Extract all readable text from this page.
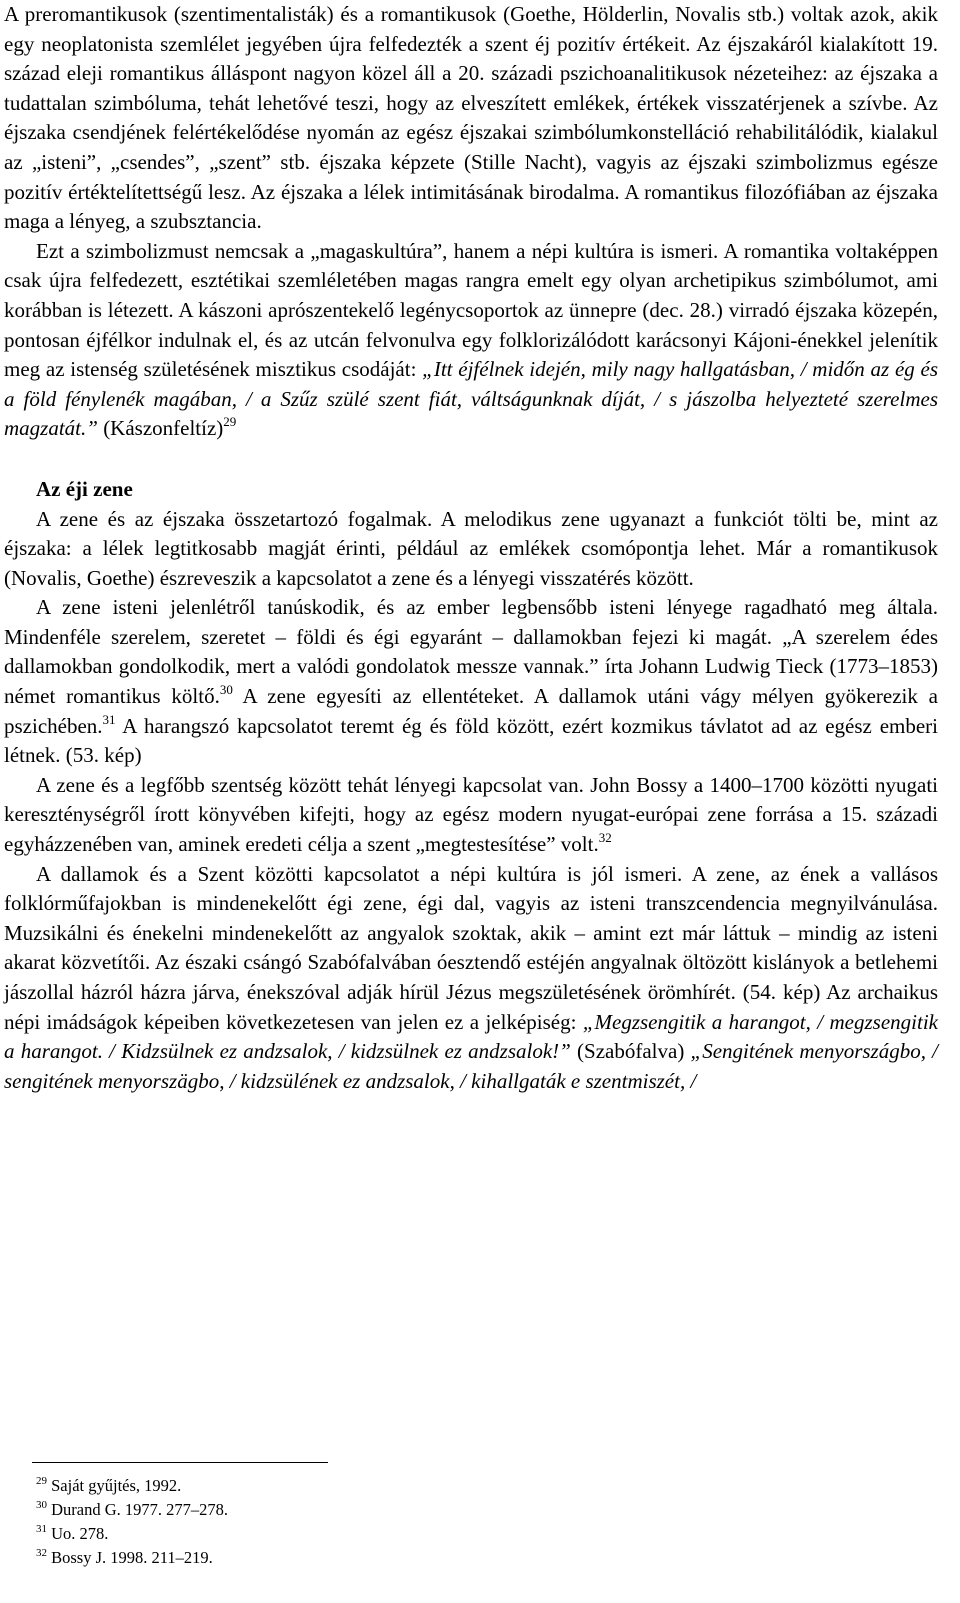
A preromantikusok (szentimentalisták) és a romantikusok (Goethe, Hölderlin, Novalis stb.) voltak azok, akik egy neoplatonista szemlélet jegyében újra felfedezték a szent éj pozitív értékeit. Az éjszakáról kialakított 19. század eleji romantikus álláspont nagyon közel áll a 20. századi pszichoanalitikusok nézeteihez: az éjszaka a tudattalan szimbóluma, tehát lehetővé teszi, hogy az elveszített emlékek, értékek visszatérjenek a szívbe. Az éjszaka csendjének felértékelődése nyomán az egész éjszakai szimbólumkonstelláció rehabilitálódik, kialakul az „isteni”, „csendes”, „szent” stb. éjszaka képzete (Stille Nacht), vagyis az éjszaki szimbolizmus egésze pozitív értéktelítettségű lesz. Az éjszaka a lélek intimitásának birodalma. A romantikus filozófiában az éjszaka maga a lényeg, a szubsztancia.

Ezt a szimbolizmust nemcsak a „magaskultúra”, hanem a népi kultúra is ismeri. A romantika voltaképpen csak újra felfedezett, esztétikai szemléletében magas rangra emelt egy olyan archetipikus szimbólumot, ami korábban is létezett. A kászoni aprószentekelő legénycsoportok az ünnepre (dec. 28.) virradó éjszaka közepén, pontosan éjfélkor indulnak el, és az utcán felvonulva egy folklorizálódott karácsonyi Kájoni-énekkel jelenítik meg az istenség születésének misztikus csodáját: „Itt éjfélnek idején, mily nagy hallgatásban, / midőn az ég és a föld fénylenék magában, / a Szűz szülé szent fiát, váltságunknak díját, / s jászolba helyezteté szerelmes magzatát.” (Kászonfeltíz)$^{29}$

Az éji zene

A zene és az éjszaka összetartozó fogalmak. A melodikus zene ugyanazt a funkciót tölti be, mint az éjszaka: a lélek legtitkosabb magját érinti, például az emlékek csomópontja lehet. Már a romantikusok (Novalis, Goethe) észreveszik a kapcsolatot a zene és a lényegi visszatérés között.

A zene isteni jelenlétről tanúskodik, és az ember legbensőbb isteni lényege ragadható meg általa. Mindenféle szerelem, szeretet – földi és égi egyaránt – dallamokban fejezi ki magát. „A szerelem édes dallamokban gondolkodik, mert a valódi gondolatok messze vannak.” írta Johann Ludwig Tieck (1773–1853) német romantikus költő.$^{30}$ A zene egyesíti az ellentéteket. A dallamok utáni vágy mélyen gyökerezik a pszichében.$^{31}$ A harangszó kapcsolatot teremt ég és föld között, ezért kozmikus távlatot ad az egész emberi létnek. (53. kép)

A zene és a legfőbb szentség között tehát lényegi kapcsolat van. John Bossy a 1400–1700 közötti nyugati kereszténységről írott könyvében kifejti, hogy az egész modern nyugat-európai zene forrása a 15. századi egyházzenében van, aminek eredeti célja a szent „megtestesítése” volt.$^{32}$

A dallamok és a Szent közötti kapcsolatot a népi kultúra is jól ismeri. A zene, az ének a vallásos folklórműfajokban is mindenekelőtt égi zene, égi dal, vagyis az isteni transzcendencia megnyilvánulása. Muzsikálni és énekelni mindenekelőtt az angyalok szoktak, akik – amint ezt már láttuk – mindig az isteni akarat közvetítői. Az északi csángó Szabófalvában óesztendő estéjén angyalnak öltözött kislányok a betlehemi jászollal házról házra járva, énekszóval adják hírül Jézus megszületésének örömhírét. (54. kép) Az archaikus népi imádságok képeiben következetesen van jelen ez a jelképiség: „Megzsengitik a harangot, / megzsengitik a harangot. / Kidzsülnek ez andzsalok, / kidzsülnek ez andzsalok!” (Szabófalva) „Sengitének menyországbo, / sengitének menyorszägbo, / kidzsülének ez andzsalok, / kihallgaták e szentmiszét, /

$^{29}$ Saját gyűjtés, 1992.

$^{30}$ Durand G. 1977. 277–278.

$^{31}$ Uo. 278.

$^{32}$ Bossy J. 1998. 211–219.
